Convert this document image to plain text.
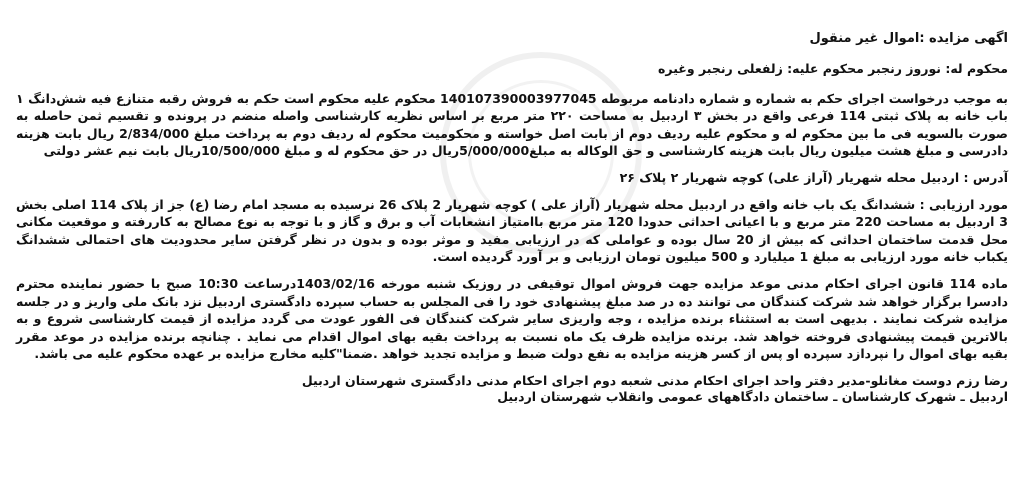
اگهی مزایده :اموال غیر منقول

محکوم له: نوروز رنجبر محکوم علیه: زلفعلی رنجبر وغیره

به موجب درخواست اجرای حکم به شماره و شماره دادنامه مربوطه 140107390003977045 محکوم علیه محکوم است حکم به فروش رقبه متنازع فیه شش‌دانگ ۱ باب خانه به پلاک ثبتی 114 فرعی واقع در بخش ۳ اردبیل به مساحت ۲۲۰ متر مربع بر اساس نظریه کارشناسی واصله منضم در پرونده و تقسیم ثمن حاصله به صورت بالسویه فی ما بین محکوم له و محکوم علیه ردیف دوم از بابت اصل خواسته و محکومیت محکوم له ردیف دوم به پرداخت مبلغ 2/834/000 ریال بابت هزینه دادرسی و مبلغ هشت میلیون ریال بابت هزینه کارشناسی و حق الوکاله به مبلغ5/000/000ریال در حق محکوم له و مبلغ 10/500/000ریال بابت نیم عشر دولتی

آدرس : اردبیل محله شهریار (آراز علی) کوچه شهریار ۲ پلاک ۲۶

مورد ارزیابی : ششدانگ یک باب خانه واقع در اردبیل محله شهریار (آراز علی ) کوچه شهریار 2 پلاک 26 نرسیده به مسجد امام رضا (ع) جز از پلاک 114 اصلی بخش 3 اردبیل به مساحت 220 متر مربع و با اعیانی احداثی حدودا 120 متر مربع باامتیاز انشعابات آب و برق و گاز و با توجه به نوع مصالح به کاررفته و موقعیت مکانی محل قدمت ساختمان احداثی که بیش از 20 سال بوده و عواملی که در ارزیابی مفید و موثر بوده و بدون در نظر گرفتن سایر محدودیت های احتمالی ششدانگ یکباب خانه مورد ارزیابی به مبلغ 1 میلیارد و 500 میلیون تومان ارزیابی و بر آورد گردیده است.

ماده 114 قانون اجرای احکام مدنی موعد مزایده جهت فروش اموال توقیفی در روزیک شنبه مورخه 1403/02/16درساعت 10:30 صبح با حضور نماینده محترم دادسرا برگزار خواهد شد شرکت کنندگان می توانند ده در صد مبلغ پیشنهادی خود را فی المجلس به حساب سپرده دادگستری اردبیل نزد بانک ملی واریز و در جلسه مزایده شرکت نمایند . بدیهی است به استثناء برنده مزایده ، وجه واریزی سایر شرکت کنندگان فی الفور عودت می گردد مزایده از قیمت کارشناسی شروع و به بالاترین قیمت پیشنهادی فروخته خواهد شد. برنده مزایده ظرف یک ماه نسبت به پرداخت بقیه بهای اموال اقدام می نماید . چنانچه برنده مزایده در موعد مقرر بقیه بهای اموال را نپردازد سپرده او پس از کسر هزینه مزایده به نفع دولت ضبط و مزایده تجدید خواهد .ضمنا"کلیه مخارج مزایده بر عهده محکوم علیه می باشد.

رضا رزم دوست مغانلو-مدیر دفتر واحد اجرای احکام مدنی شعبه دوم اجرای احکام مدنی دادگستری شهرستان اردبیل

اردبیل ـ شهرک کارشناسان ـ ساختمان دادگاههای عمومی وانقلاب شهرستان اردبیل
